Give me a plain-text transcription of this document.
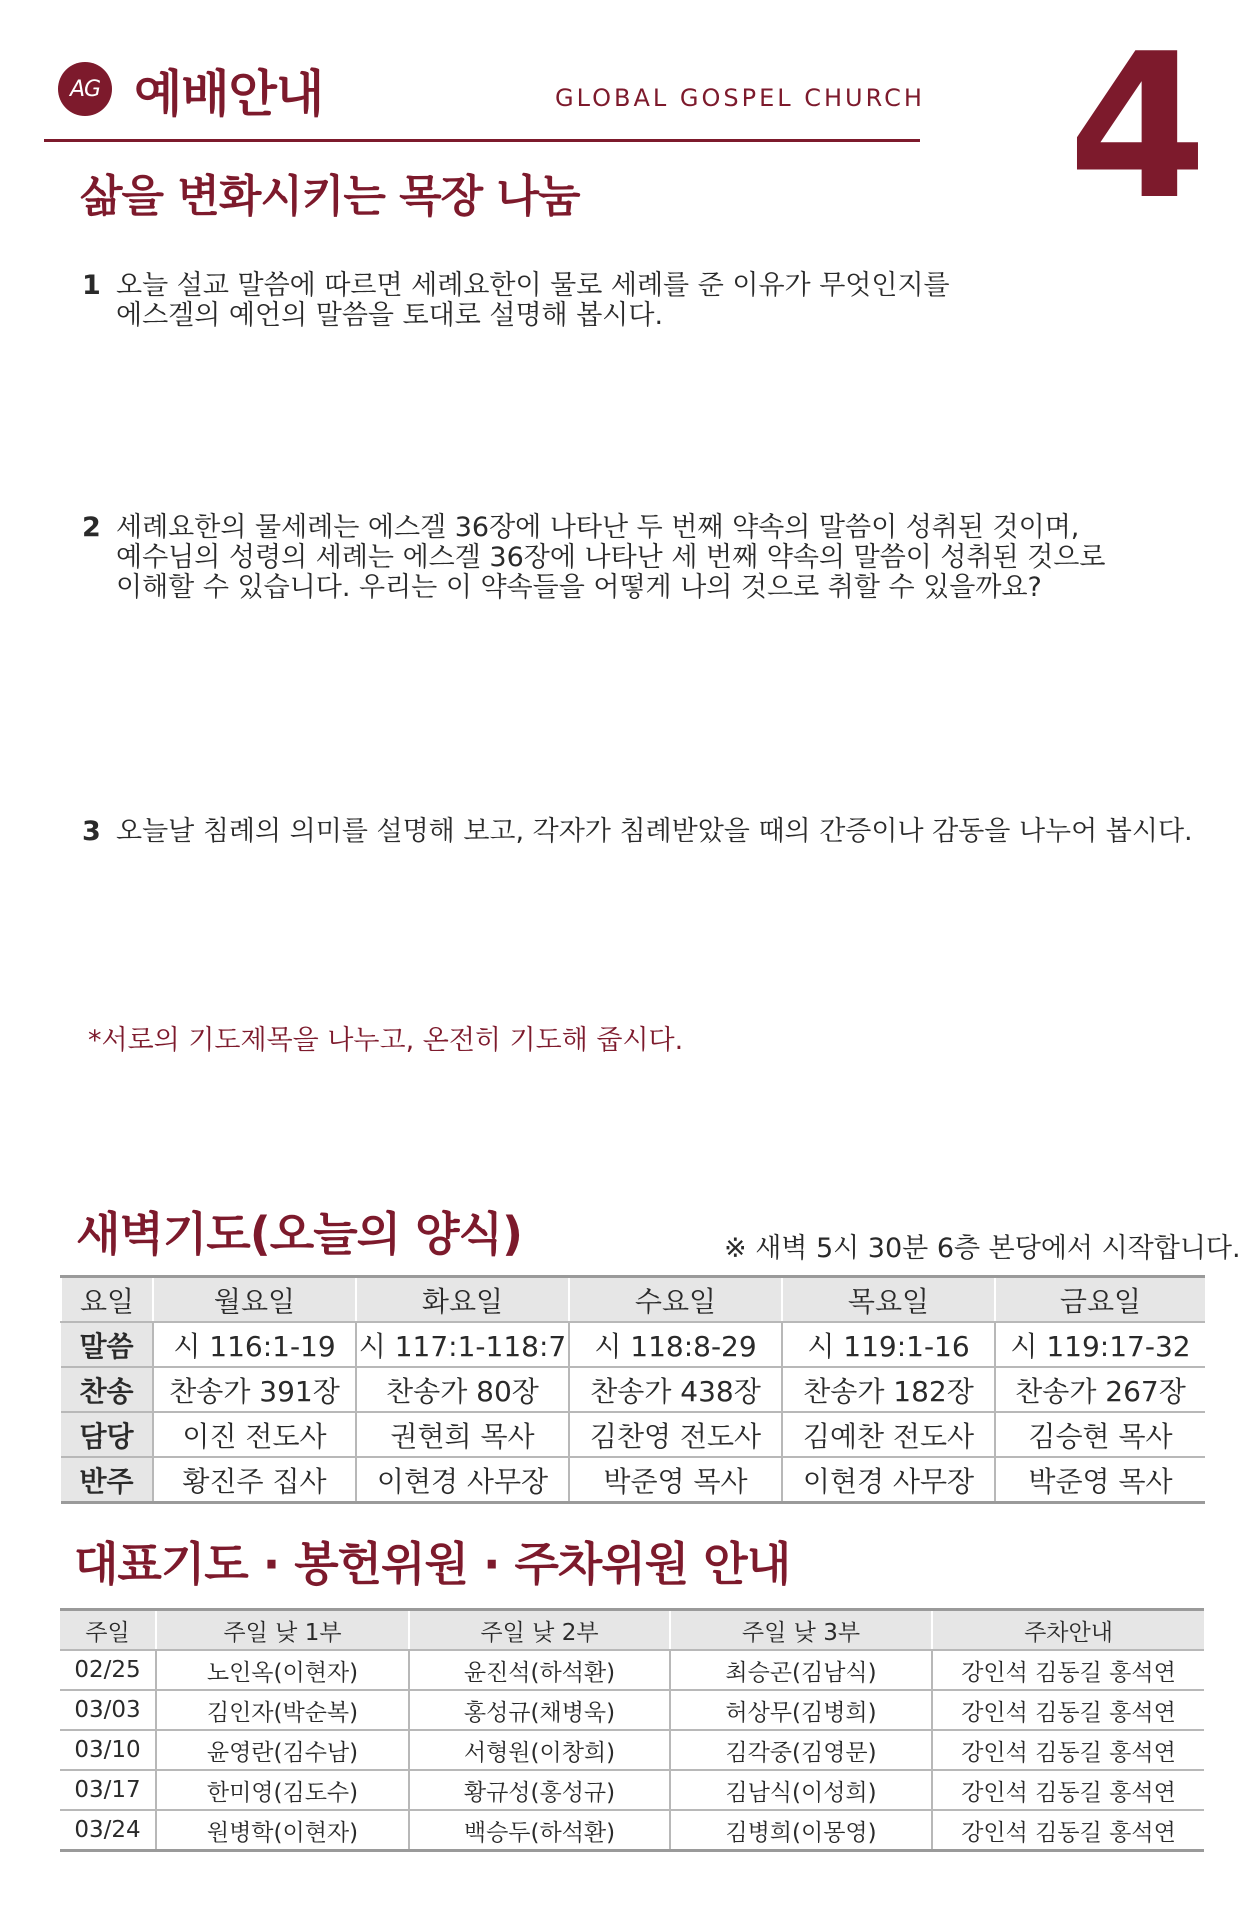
AG 예배안내	GLOBAL GOSPEL CHURCH 4
삶을 변화시키는 목장 나눔
1 오늘 설교 말씀에 따르면 세례요한이 물로 세례를 준 이유가 무엇인지를
에스겔의 예언의 말씀을 토대로 설명해 봅시다.
2 세례요한의 물세례는 에스겔 36장에 나타난 두 번째 약속의 말씀이 성취된 것이며,
예수님의 성령의 세례는 에스겔 36장에 나타난 세 번째 약속의 말씀이 성취된 것으로
이해할 수 있습니다. 우리는 이 약속들을 어떻게 나의 것으로 취할 수 있을까요?
3 오늘날 침례의 의미를 설명해 보고, 각자가 침례받았을 때의 간증이나 감동을 나누어 봅시다.
*서로의 기도제목을 나누고, 온전히 기도해 줍시다.
새벽기도(오늘의 양식)	※ 새벽 5시 30분 6층 본당에서 시작합니다.
요일	월요일	화요일	수요일	목요일	금요일
말씀	시 116:1-19	시 117:1-118:7	시 118:8-29	시 119:1-16	시 119:17-32
찬송	찬송가 391장	찬송가 80장	찬송가 438장	찬송가 182장	찬송가 267장
담당	이진 전도사	권현희 목사	김찬영 전도사	김예찬 전도사	김승현 목사
반주	황진주 집사	이현경 사무장	박준영 목사	이현경 사무장	박준영 목사
대표기도 · 봉헌위원 · 주차위원 안내
주일	주일 낮 1부	주일 낮 2부	주일 낮 3부	주차안내
02/25	노인옥(이현자)	윤진석(하석환)	최승곤(김남식)	강인석 김동길 홍석연
03/03	김인자(박순복)	홍성규(채병욱)	허상무(김병희)	강인석 김동길 홍석연
03/10	윤영란(김수남)	서형원(이창희)	김각중(김영문)	강인석 김동길 홍석연
03/17	한미영(김도수)	황규성(홍성규)	김남식(이성희)	강인석 김동길 홍석연
03/24	원병학(이현자)	백승두(하석환)	김병희(이몽영)	강인석 김동길 홍석연
